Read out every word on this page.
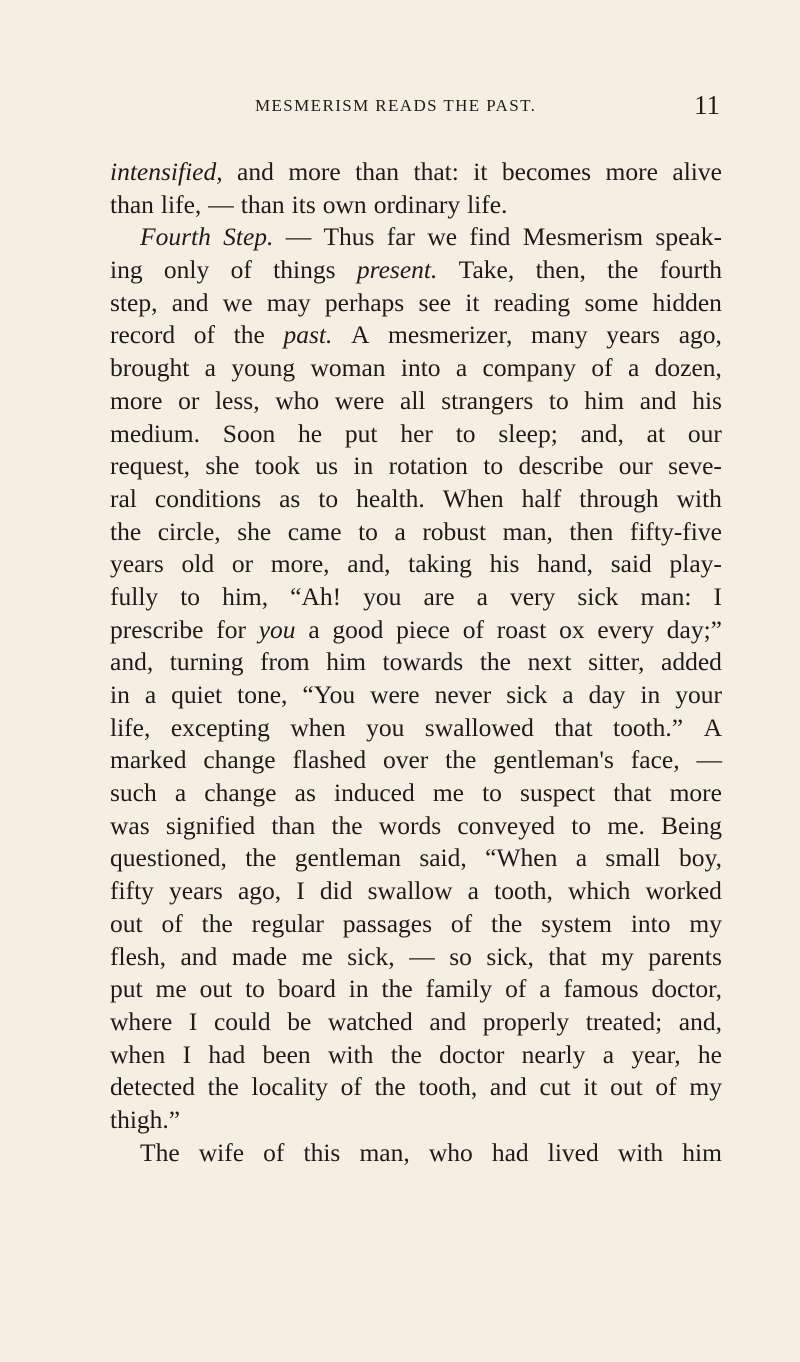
MESMERISM READS THE PAST.	11
intensified, and more than that: it becomes more alive
than life, — than its own ordinary life.
Fourth Step. — Thus far we find Mesmerism speak-
ing only of things present. Take, then, the fourth
step, and we may perhaps see it reading some hidden
record of the past. A mesmerizer, many years ago,
brought a young woman into a company of a dozen,
more or less, who were all strangers to him and his
medium. Soon he put her to sleep; and, at our
request, she took us in rotation to describe our seve-
ral conditions as to health. When half through with
the circle, she came to a robust man, then fifty-five
years old or more, and, taking his hand, said play-
fully to him, “Ah! you are a very sick man: I
prescribe for you a good piece of roast ox every day;”
and, turning from him towards the next sitter, added
in a quiet tone, “You were never sick a day in your
life, excepting when you swallowed that tooth.” A
marked change flashed over the gentleman's face, —
such a change as induced me to suspect that more
was signified than the words conveyed to me. Being
questioned, the gentleman said, “When a small boy,
fifty years ago, I did swallow a tooth, which worked
out of the regular passages of the system into my
flesh, and made me sick, — so sick, that my parents
put me out to board in the family of a famous doctor,
where I could be watched and properly treated; and,
when I had been with the doctor nearly a year, he
detected the locality of the tooth, and cut it out of my
thigh.”
The wife of this man, who had lived with him
